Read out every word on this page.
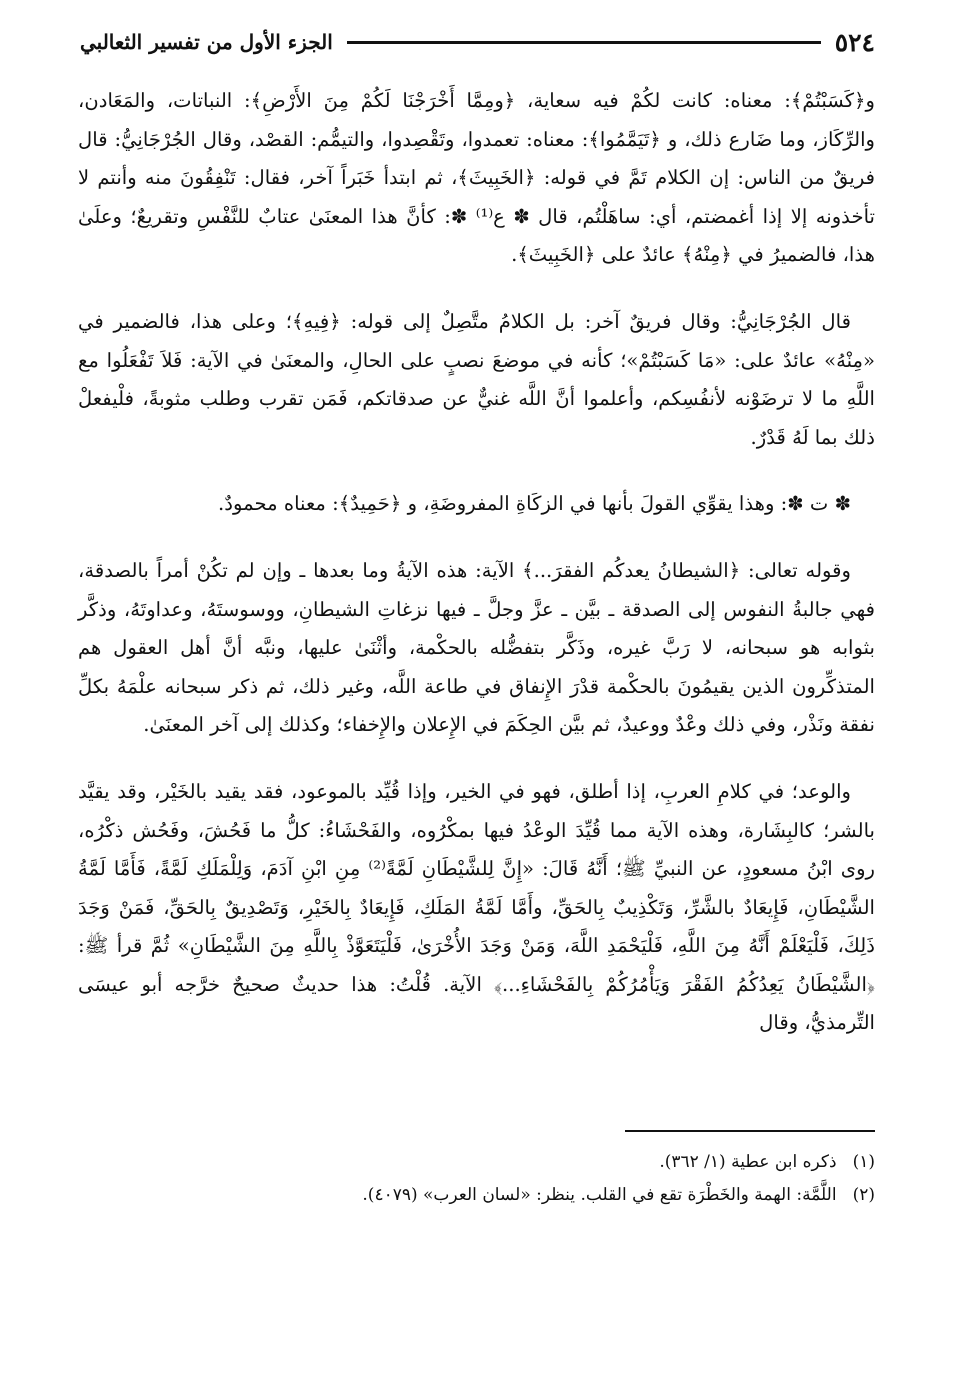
٥٢٤
الجزء الأول من تفسير الثعالبي

و﴿كَسَبْتُمْ﴾: معناه: كانت لكُمْ فيه سعاية، ﴿ومِمَّا أَخْرَجْنَا لَكُمْ مِنَ الأَرْضِ﴾: النباتات، والمَعَادن، والرِّكَاز، وما ضَارع ذلك، و ﴿تَيَمَّمُوا﴾: معناه: تعمدوا، وتَقْصِدوا، والتيمُّم: القصْد، وقال الجُرْجَانِيُّ: قال فريقٌ من الناس: إن الكلام تَمَّ في قوله: ﴿الخَبِيثَ﴾، ثم ابتدأ خَبَراً آخر، فقال: تَنْفِقُونَ منه وأنتم لا تأخذونه إلا إذا أغمضتم، أي: ساهَلْتُم، قال ✽ ع⁽¹⁾ ✽: كأنَّ هذا المعنَىٰ عتابٌ للنَّفْسِ وتقريعٌ؛ وعلَىٰ هذا، فالضميرُ في ﴿مِنْهُ﴾ عائدٌ على ﴿الخَبِيثَ﴾.

قال الجُرْجَانِيُّ: وقال فريقٌ آخر: بل الكلامُ متَّصِلٌ إلى قوله: ﴿فِيهِ﴾؛ وعلى هذا، فالضمير في «مِنْهُ» عائدٌ على: «مَا كَسَبْتُمْ»؛ كأنه في موضعَ نصبٍ على الحالِ، والمعنَىٰ في الآية: فَلاَ تَفْعَلُوا مع اللَّهِ ما لا ترضَوْنه لأنفُسِكم، وأعلموا أنَّ اللَّه غنيٌّ عن صدقاتكم، فَمَن تقرب وطلب مثوبةً، فلْيفعلْ ذلك بما لَهُ قَدْرٌ.

✽ ت ✽: وهذا يقوِّي القولَ بأنها في الزكَاةِ المفروضَةِ، و ﴿حَمِيدٌ﴾: معناه محمودٌ.

وقوله تعالى: ﴿الشيطانُ يعدكُم الفقرَ...﴾ الآية: هذه الآيةُ وما بعدها ـ وإن لم تكُنْ أمراً بالصدقة، فهي جالبةُ النفوس إلى الصدقة ـ بيَّن ـ عزَّ وجلَّ ـ فيها نزغاتِ الشيطانِ، ووسوستَهُ، وعداوتَهُ، وذكَّر بثوابه هو سبحانه، لا رَبَّ غيره، وذَكَّر بتفضُّله بالحكْمة، وأثْنَىٰ عليها، ونبَّه أنَّ أهل العقول هم المتذكِّرون الذين يقيمُونَ بالحكْمة قدْرَ الإِنفاق في طاعة اللَّه، وغير ذلك، ثم ذكر سبحانه علْمَهُ بكلِّ نفقة ونَذْر، وفي ذلك وعْدٌ ووعيدٌ، ثم بيَّن الحِكَمَ في الإِعلان والإِخفاء؛ وكذلك إلى آخر المعنَىٰ.

والوعد؛ في كلامِ العربِ، إذا أطلق، فهو في الخير، وإذا قُيِّد بالموعود، فقد يقيد بالخَيْر، وقد يقيَّد بالشر؛ كالبِشَارة، وهذه الآية مما قُيِّدَ الوعْدُ فيها بمكْرُوه، والفَحْشَاءُ: كلُّ ما فَحُشَ، وفَحُش ذكْرُه، روى ابْنُ مسعودٍ، عن النبيِّ ﷺ؛ أَنَّهُ قَالَ: «إِنَّ لِلشَّيْطَانِ لَمَّةً⁽²⁾ مِنِ ابْنِ آدَمَ، وَلِلْمَلَكِ لَمَّةً، فَأَمَّا لَمَّةُ الشَّيْطَانِ، فَإِيعَادٌ بالشَّرِّ، وَتَكْذِيبٌ بِالحَقِّ، وأَمَّا لَمَّةُ المَلَكِ، فَإِيعَادٌ بِالخَيْرِ، وَتَصْدِيقٌ بِالحَقِّ، فَمَنْ وَجَدَ ذَلِكَ، فَلْيَعْلَمْ أَنَّهُ مِنَ اللَّهِ، فَلْيَحْمَدِ اللَّهَ، وَمَنْ وَجَدَ الأُخْرَىٰ، فَلْيَتَعَوَّذْ بِاللَّهِ مِنَ الشَّيْطَانِ» ثُمَّ قرأ ﷺ: ﴿الشَّيْطَانُ يَعِدُكُمُ الفَقْرَ وَيَأْمُرُكُمْ بِالفَحْشَاءِ...﴾ الآية. قُلْتُ: هذا حديثٌ صحيحٌ خرَّجه أبو عيسَى التِّرمذيُّ، وقال

(١)
ذكره ابن عطية (١/ ٣٦٢).
(٢)
اللَّمَّة: الهمة والخَطْرَة تقع في القلب. ينظر: «لسان العرب» (٤٠٧٩).
